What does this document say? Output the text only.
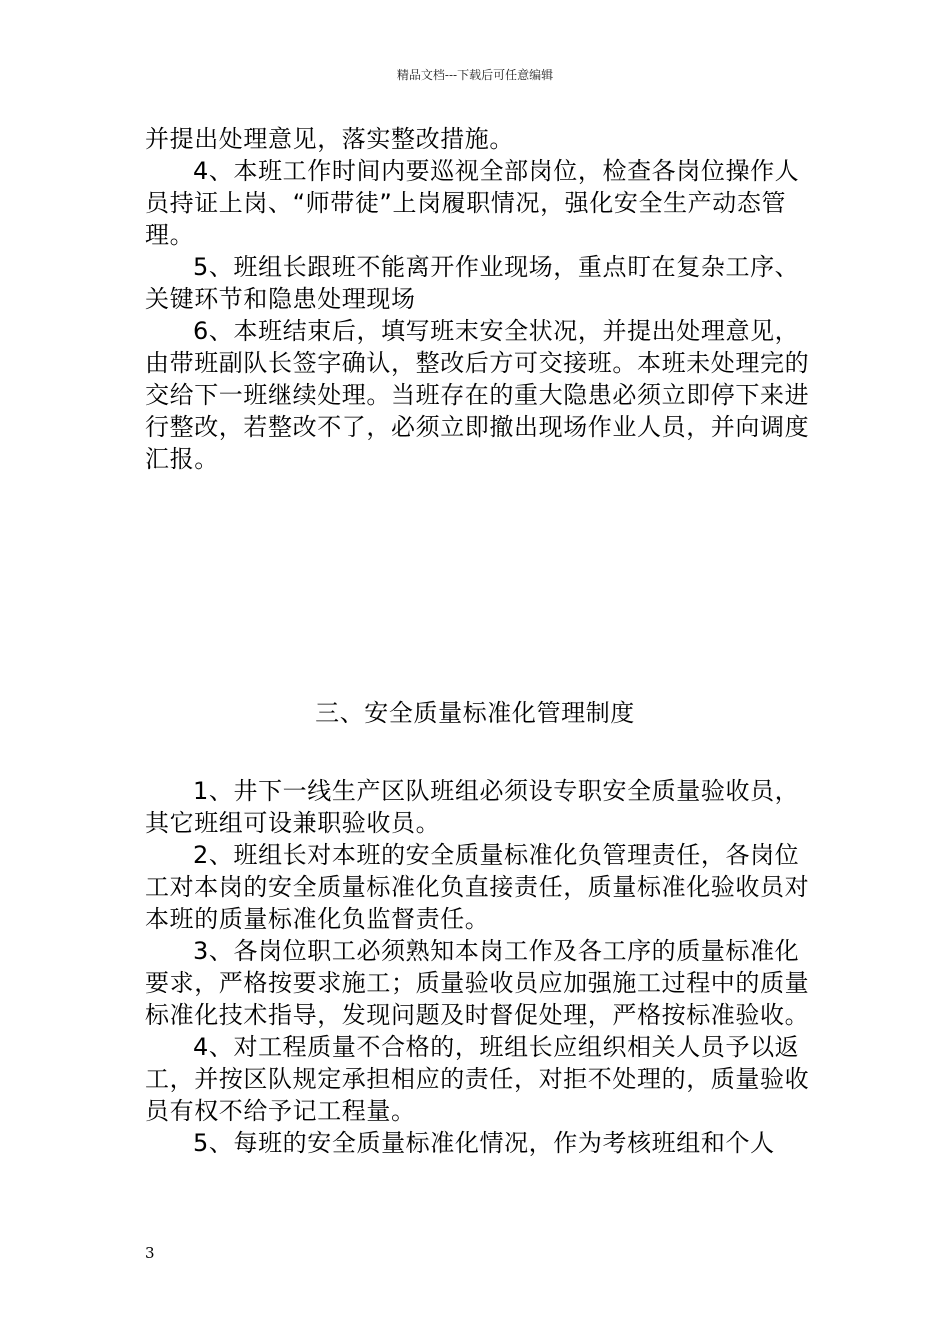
精品文档---下载后可任意编辑

并提出处理意见，落实整改措施。

4、本班工作时间内要巡视全部岗位，检查各岗位操作人员持证上岗、“师带徒”上岗履职情况，强化安全生产动态管理。

5、班组长跟班不能离开作业现场，重点盯在复杂工序、关键环节和隐患处理现场

6、本班结束后，填写班末安全状况，并提出处理意见，由带班副队长签字确认，整改后方可交接班。本班未处理完的交给下一班继续处理。当班存在的重大隐患必须立即停下来进行整改，若整改不了，必须立即撤出现场作业人员，并向调度汇报。

三、安全质量标准化管理制度

1、井下一线生产区队班组必须设专职安全质量验收员，其它班组可设兼职验收员。

2、班组长对本班的安全质量标准化负管理责任，各岗位工对本岗的安全质量标准化负直接责任，质量标准化验收员对本班的质量标准化负监督责任。

3、各岗位职工必须熟知本岗工作及各工序的质量标准化要求，严格按要求施工；质量验收员应加强施工过程中的质量标准化技术指导，发现问题及时督促处理，严格按标准验收。

4、对工程质量不合格的，班组长应组织相关人员予以返工，并按区队规定承担相应的责任，对拒不处理的，质量验收员有权不给予记工程量。

5、每班的安全质量标准化情况，作为考核班组和个人

3
